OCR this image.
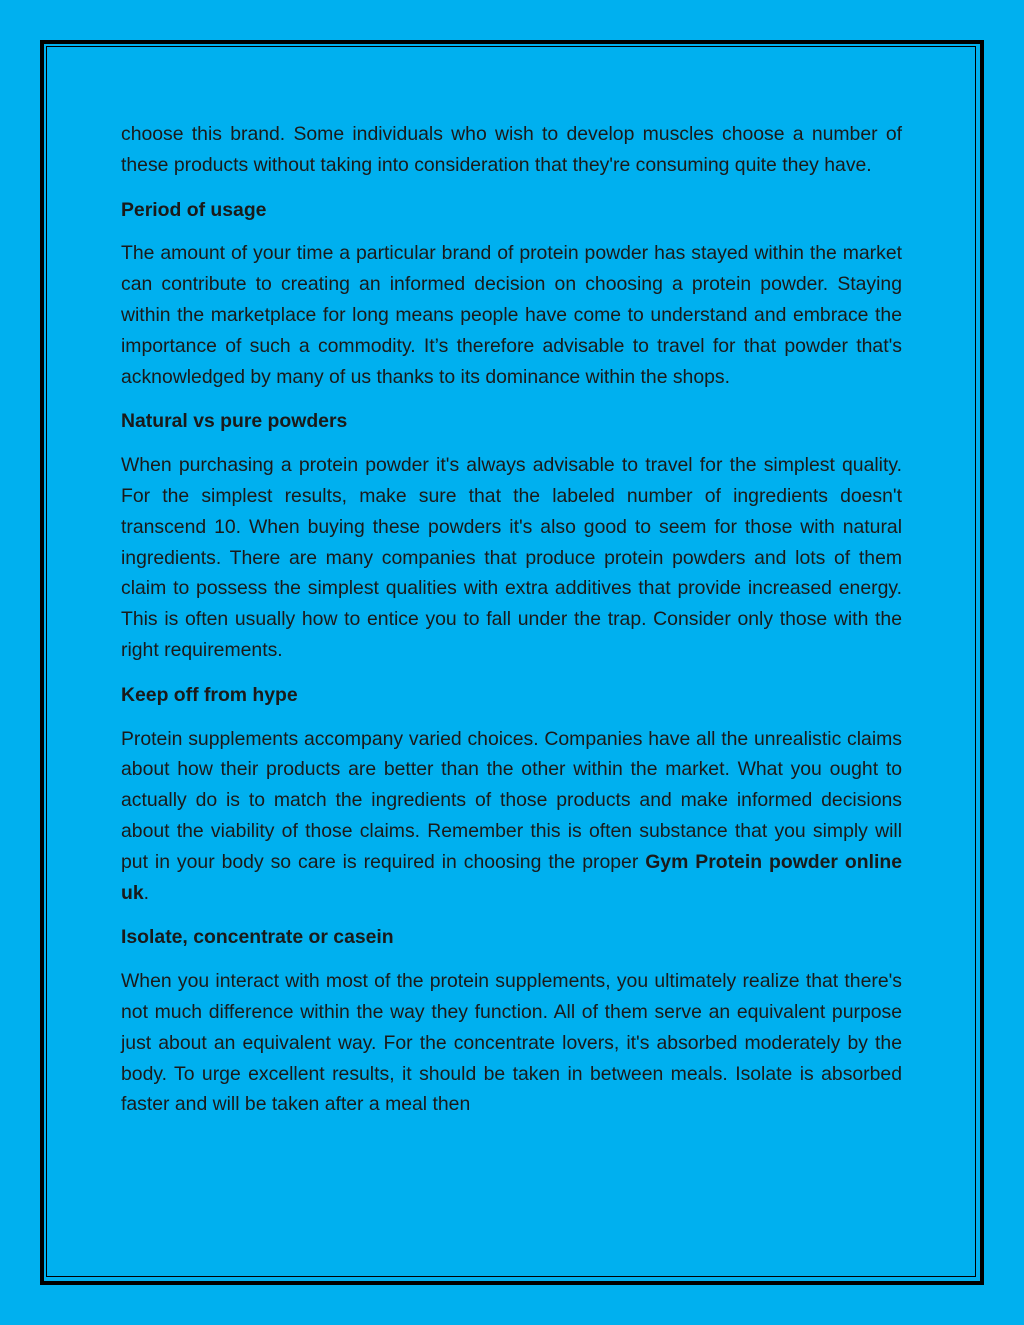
choose this brand. Some individuals who wish to develop muscles choose a number of these products without taking into consideration that they're consuming quite they have.

Period of usage

The amount of your time a particular brand of protein powder has stayed within the market can contribute to creating an informed decision on choosing a protein powder. Staying within the marketplace for long means people have come to understand and embrace the importance of such a commodity. It’s therefore advisable to travel for that powder that's acknowledged by many of us thanks to its dominance within the shops.

Natural vs pure powders

When purchasing a protein powder it's always advisable to travel for the simplest quality. For the simplest results, make sure that the labeled number of ingredients doesn't transcend 10. When buying these powders it's also good to seem for those with natural ingredients. There are many companies that produce protein powders and lots of them claim to possess the simplest qualities with extra additives that provide increased energy. This is often usually how to entice you to fall under the trap. Consider only those with the right requirements.

Keep off from hype

Protein supplements accompany varied choices. Companies have all the unrealistic claims about how their products are better than the other within the market. What you ought to actually do is to match the ingredients of those products and make informed decisions about the viability of those claims. Remember this is often substance that you simply will put in your body so care is required in choosing the proper Gym Protein powder online uk.

Isolate, concentrate or casein

When you interact with most of the protein supplements, you ultimately realize that there's not much difference within the way they function. All of them serve an equivalent purpose just about an equivalent way. For the concentrate lovers, it's absorbed moderately by the body. To urge excellent results, it should be taken in between meals. Isolate is absorbed faster and will be taken after a meal then
